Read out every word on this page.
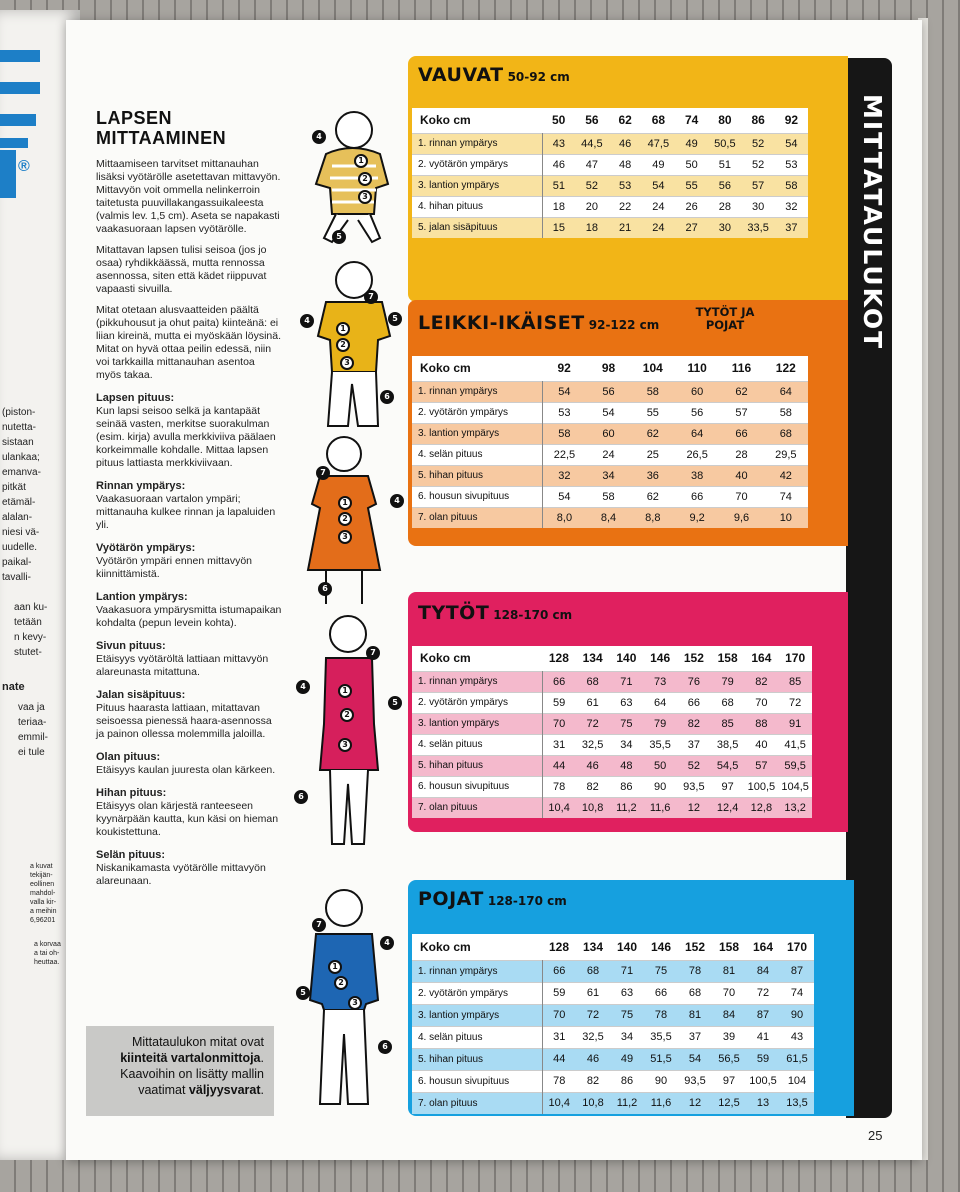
®
(piston-
nutetta-
sistaan
ulankaa;
emanva-
pitkät
etämäl-
alalan-
niesi vä-
uudelle.
paikal-
tavalli-
aan ku-
tetään
n kevy-
stutet-
nate
vaa ja
teriaa-
emmil-
ei tule
a kuvat
tekijän-
eollinen
mahdol-
valla kir-
a meihin
6,96201
a korvaa
a tai oh-
heuttaa.
LAPSEN
MITTAAMINEN
Mittaamiseen tarvitset mittanauhan lisäksi vyötärölle asetettavan mittavyön. Mittavyön voit ommella nelinkerroin taitetusta puuvillakangassuikaleesta (valmis lev. 1,5 cm). Aseta se napakasti vaakasuoraan lapsen vyötärölle.
Mitattavan lapsen tulisi seisoa (jos jo osaa) ryhdikkäässä, mutta rennossa asennossa, siten että kädet riippuvat vapaasti sivuilla.
Mitat otetaan alusvaatteiden päältä (pikkuhousut ja ohut paita) kiinteänä: ei liian kireinä, mutta ei myöskään löysinä. Mitat on hyvä ottaa peilin edessä, niin voi tarkkailla mittanauhan asentoa myös takaa.
Lapsen pituus:
Kun lapsi seisoo selkä ja kantapäät seinää vasten, merkitse suorakulman (esim. kirja) avulla merkkiviiva päälaen korkeimmalle kohdalle. Mittaa lapsen pituus lattiasta merkkiviivaan.
Rinnan ympärys:
Vaakasuoraan vartalon ympäri; mittanauha kulkee rinnan ja lapaluiden yli.
Vyötärön ympärys:
Vyötärön ympäri ennen mittavyön kiinnittämistä.
Lantion ympärys:
Vaakasuora ympärysmitta istumapaikan kohdalta (pepun levein kohta).
Sivun pituus:
Etäisyys vyötäröltä lattiaan mittavyön alareunasta mitattuna.
Jalan sisäpituus:
Pituus haarasta lattiaan, mitattavan seisoessa pienessä haara-asennossa ja painon ollessa molemmilla jaloilla.
Olan pituus:
Etäisyys kaulan juuresta olan kärkeen.
Hihan pituus:
Etäisyys olan kärjestä ranteeseen kyynärpään kautta, kun käsi on hieman koukistettuna.
Selän pituus:
Niskanikamasta vyötärölle mittavyön alareunaan.
Mittataulukon mitat ovat kiinteitä vartalonmittoja. Kaavoihin on lisätty mallin vaatimat väljyysvarat.
4
1
2
3
5
7
4	5
1
2
3
6
7
1
2
4
3
6
7
4	1
5
2
3
6
7
4
1
2
5
3
6
MITTATAULUKOT
VAUVAT 50-92 cm
LEIKKI-IKÄISET 92-122 cm
TYTÖT JA
POJAT
TYTÖT 128-170 cm
POJAT 128-170 cm
Koko cm	50	56	62	68	74	80	86	92
1. rinnan ympärys	43	44,5	46	47,5	49	50,5	52	54
2. vyötärön ympärys	46	47	48	49	50	51	52	53
3. lantion ympärys	51	52	53	54	55	56	57	58
4. hihan pituus	18	20	22	24	26	28	30	32
5. jalan sisäpituus	15	18	21	24	27	30	33,5	37
Koko cm	92	98	104	110	116	122
1. rinnan ympärys	54	56	58	60	62	64
2. vyötärön ympärys	53	54	55	56	57	58
3. lantion ympärys	58	60	62	64	66	68
4. selän pituus	22,5	24	25	26,5	28	29,5
5. hihan pituus	32	34	36	38	40	42
6. housun sivupituus	54	58	62	66	70	74
7. olan pituus	8,0	8,4	8,8	9,2	9,6	10
Koko cm	128	134	140	146	152	158	164	170
1. rinnan ympärys	66	68	71	73	76	79	82	85
2. vyötärön ympärys	59	61	63	64	66	68	70	72
3. lantion ympärys	70	72	75	79	82	85	88	91
4. selän pituus	31	32,5	34	35,5	37	38,5	40	41,5
5. hihan pituus	44	46	48	50	52	54,5	57	59,5
6. housun sivupituus	78	82	86	90	93,5	97	100,5	104,5
7. olan pituus	10,4	10,8	11,2	11,6	12	12,4	12,8	13,2
Koko cm	128	134	140	146	152	158	164	170
1. rinnan ympärys	66	68	71	75	78	81	84	87
2. vyötärön ympärys	59	61	63	66	68	70	72	74
3. lantion ympärys	70	72	75	78	81	84	87	90
4. selän pituus	31	32,5	34	35,5	37	39	41	43
5. hihan pituus	44	46	49	51,5	54	56,5	59	61,5
6. housun sivupituus	78	82	86	90	93,5	97	100,5	104
7. olan pituus	10,4	10,8	11,2	11,6	12	12,5	13	13,5
25
